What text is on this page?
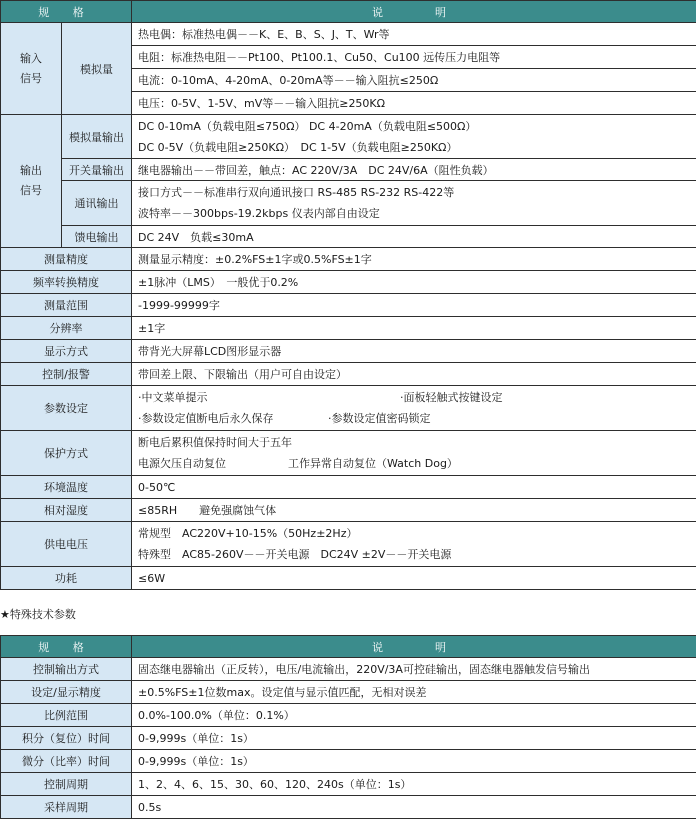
规 格		说　　明
输入
信号	模拟量	热电偶：标准热电偶－－K、E、B、S、J、T、Wr等
		电阻：标准热电阻－－Pt100、Pt100.1、Cu50、Cu100 远传压力电阻等
		电流：0-10mA、4-20mA、0-20mA等－－输入阻抗≤250Ω
		电压：0-5V、1-5V、mV等－－输入阻抗≥250KΩ
输出
信号	模拟量输出	DC 0-10mA（负载电阻≤750Ω） DC 4-20mA（负载电阻≤500Ω）
DC 0-5V（负载电阻≥250KΩ）　DC 1-5V（负载电阻≥250KΩ）

	开关量输出	继电器输出－－带回差，触点：AC 220V/3A　DC 24V/6A（阻性负载）
	通讯输出	接口方式－－标准串行双向通讯接口 RS-485 RS-232 RS-422等
波特率－－300bps-19.2kbps 仪表内部自由设定

	馈电输出	DC 24V　负载≤30mA
测量精度		测量显示精度：±0.2%FS±1字或0.5%FS±1字
频率转换精度		±1脉冲（LMS）　一般优于0.2%
测量范围		-1999-99999字
分辨率		±1字
显示方式		带背光大屏幕LCD图形显示器
控制/报警		带回差上限、下限输出（用户可自由设定）
参数设定		·中文菜单提示 ·面板轻触式按键设定
·参数设定值断电后永久保存 ·参数设定值密码锁定

保护方式		断电后累积值保持时间大于五年
电源欠压自动复位 工作异常自动复位（Watch Dog）

环境温度		0-50℃
相对湿度		≤85RH　　避免强腐蚀气体
供电电压		常规型　AC220V+10-15%（50Hz±2Hz）
特殊型　AC85-260V－－开关电源　DC24V ±2V－－开关电源

功耗		≤6W
★特殊技术参数
规 格	说　　明
控制输出方式	固态继电器输出（正反转），电压/电流输出，220V/3A可控硅输出，固态继电器触发信号输出
设定/显示精度	±0.5%FS±1位数max。设定值与显示值匹配，无相对误差
比例范围	0.0%-100.0%（单位：0.1%）
积分（复位）时间	0-9,999s（单位：1s）
微分（比率）时间	0-9,999s（单位：1s）
控制周期	1、2、4、6、15、30、60、120、240s（单位：1s）
采样周期	0.5s
